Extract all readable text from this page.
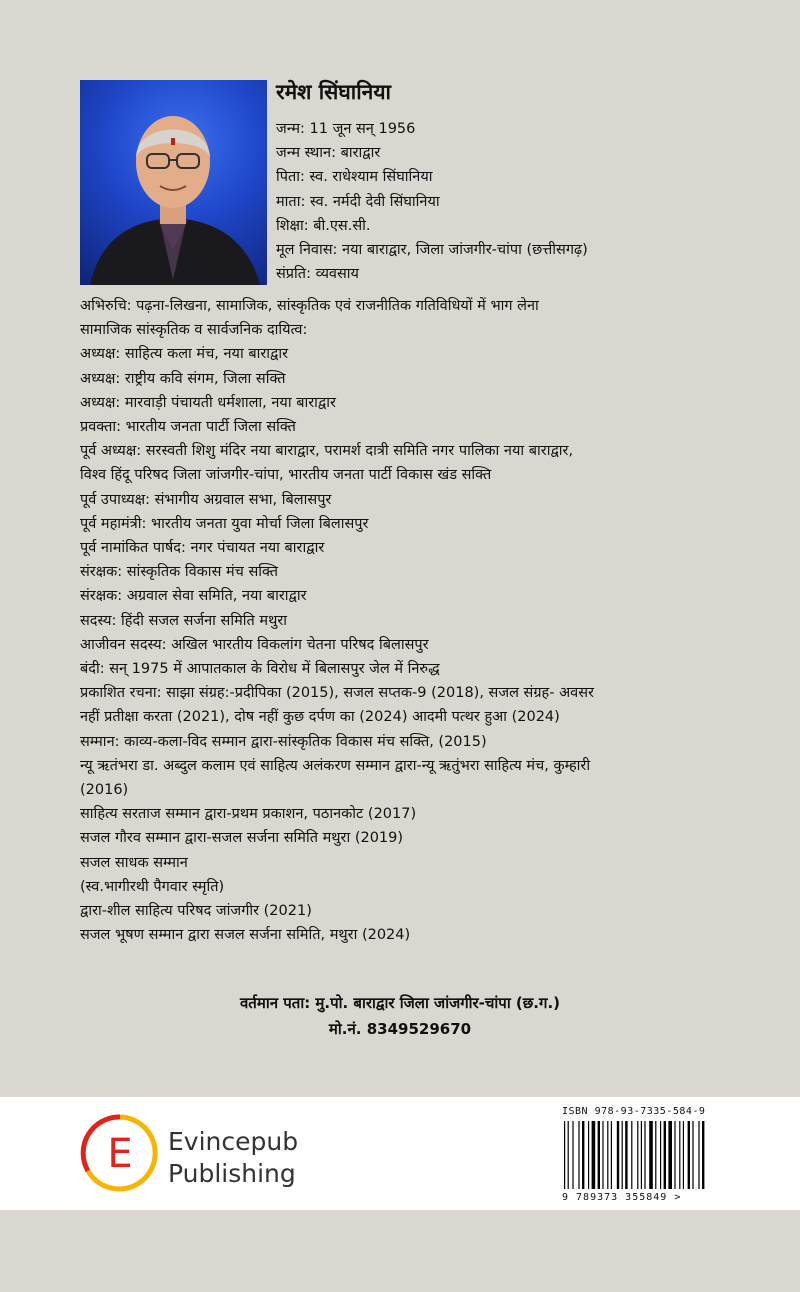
रमेश सिंघानिया
जन्म: 11 जून सन् 1956
जन्म स्थान: बाराद्वार
पिता: स्व. राधेश्याम सिंघानिया
माता: स्व. नर्मदी देवी सिंघानिया
शिक्षा: बी.एस.सी.
मूल निवास: नया बाराद्वार, जिला जांजगीर-चांपा (छत्तीसगढ़)
संप्रति: व्यवसाय
अभिरुचि: पढ़ना-लिखना, सामाजिक, सांस्कृतिक एवं राजनीतिक गतिविधियों में भाग लेना
सामाजिक सांस्कृतिक व सार्वजनिक दायित्व:
अध्यक्ष: साहित्य कला मंच, नया बाराद्वार
अध्यक्ष: राष्ट्रीय कवि संगम, जिला सक्ति
अध्यक्ष: मारवाड़ी पंचायती धर्मशाला, नया बाराद्वार
प्रवक्ता: भारतीय जनता पार्टी जिला सक्ति
पूर्व अध्यक्ष: सरस्वती शिशु मंदिर नया बाराद्वार, परामर्श दात्री समिति नगर पालिका नया बाराद्वार,
विश्व हिंदू परिषद जिला जांजगीर-चांपा, भारतीय जनता पार्टी विकास खंड सक्ति
पूर्व उपाध्यक्ष: संभागीय अग्रवाल सभा, बिलासपुर
पूर्व महामंत्री: भारतीय जनता युवा मोर्चा जिला बिलासपुर
पूर्व नामांकित पार्षद: नगर पंचायत नया बाराद्वार
संरक्षक: सांस्कृतिक विकास मंच सक्ति
संरक्षक: अग्रवाल सेवा समिति, नया बाराद्वार
सदस्य: हिंदी सजल सर्जना समिति मथुरा
आजीवन सदस्य: अखिल भारतीय विकलांग चेतना परिषद बिलासपुर
बंदी: सन् 1975 में आपातकाल के विरोध में बिलासपुर जेल में निरुद्ध
प्रकाशित रचना: साझा संग्रह:-प्रदीपिका (2015), सजल सप्तक-9 (2018), सजल संग्रह- अवसर
नहीं प्रतीक्षा करता (2021), दोष नहीं कुछ दर्पण का (2024) आदमी पत्थर हुआ (2024)
सम्मान: काव्य-कला-विद सम्मान द्वारा-सांस्कृतिक विकास मंच सक्ति, (2015)
न्यू ऋतंभरा डा. अब्दुल कलाम एवं साहित्य अलंकरण सम्मान द्वारा-न्यू ऋतुंभरा साहित्य मंच, कुम्हारी
(2016)
साहित्य सरताज सम्मान द्वारा-प्रथम प्रकाशन, पठानकोट (2017)
सजल गौरव सम्मान द्वारा-सजल सर्जना समिति मथुरा (2019)
सजल साधक सम्मान
(स्व.भागीरथी पैगवार स्मृति)
द्वारा-शील साहित्य परिषद जांजगीर (2021)
सजल भूषण सम्मान द्वारा सजल सर्जना समिति, मथुरा (2024)
वर्तमान पता: मु.पो. बाराद्वार जिला जांजगीर-चांपा (छ.ग.)
मो.नं. 8349529670
E Evincepub
Publishing
ISBN 978-93-7335-584-9
9 789373 355849 >
